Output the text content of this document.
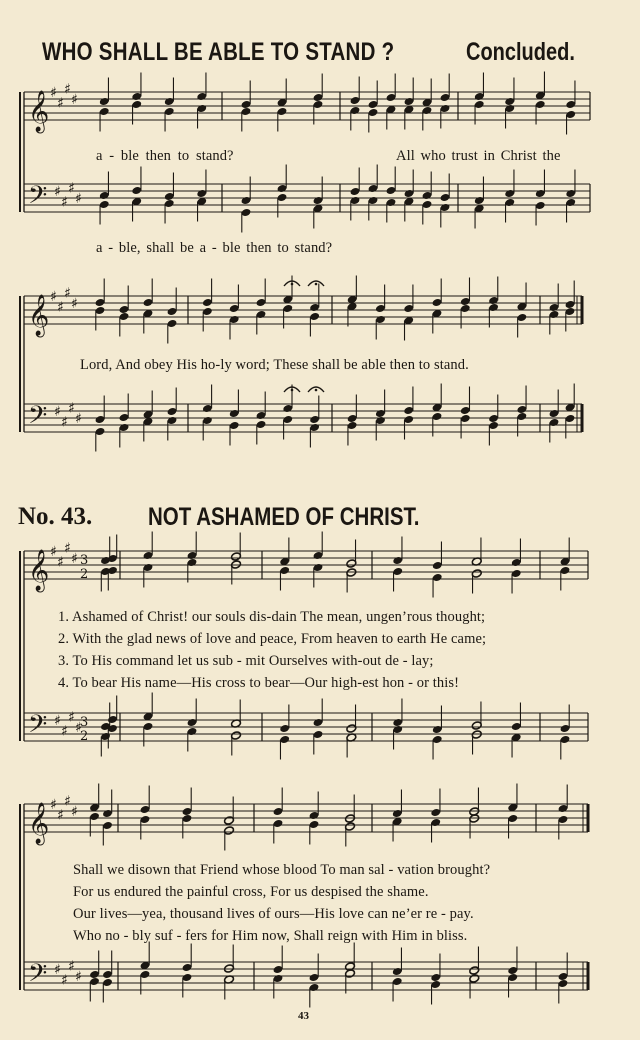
WHO SHALL BE ABLE TO STAND ?	Concluded.
a - ble then to stand?	All who trust in Christ the
a - ble, shall be a - ble then to stand?
Lord, And obey His ho-ly word; These shall be able then to stand.
No. 43. NOT ASHAMED OF CHRIST.
1. Ashamed of Christ! our souls dis-dain The mean, ungen’rous thought;
2. With the glad news of love and peace, From heaven to earth He came;
3. To His command let us sub - mit Ourselves with-out de - lay;
4. To bear His name—His cross to bear—Our high-est hon - or this!
Shall we disown that Friend whose blood To man sal - vation brought?
For us endured the painful cross, For us despised the shame.
Our lives—yea, thousand lives of ours—His love can ne’er re - pay.
Who no - bly suf - fers for Him now, Shall reign with Him in bliss.
43
𝄞 ♯
♯
♯
♯
𝄢 ♯
♯
♯
♯
𝄞 ♯
♯
♯
♯
𝄢 ♯
♯
♯
♯
𝄞 ♯
♯
♯
♯
𝄢 ♯
♯
♯
♯
3
2
3
2
𝄞 ♯
♯
♯
♯
𝄢 ♯
♯
♯
♯
